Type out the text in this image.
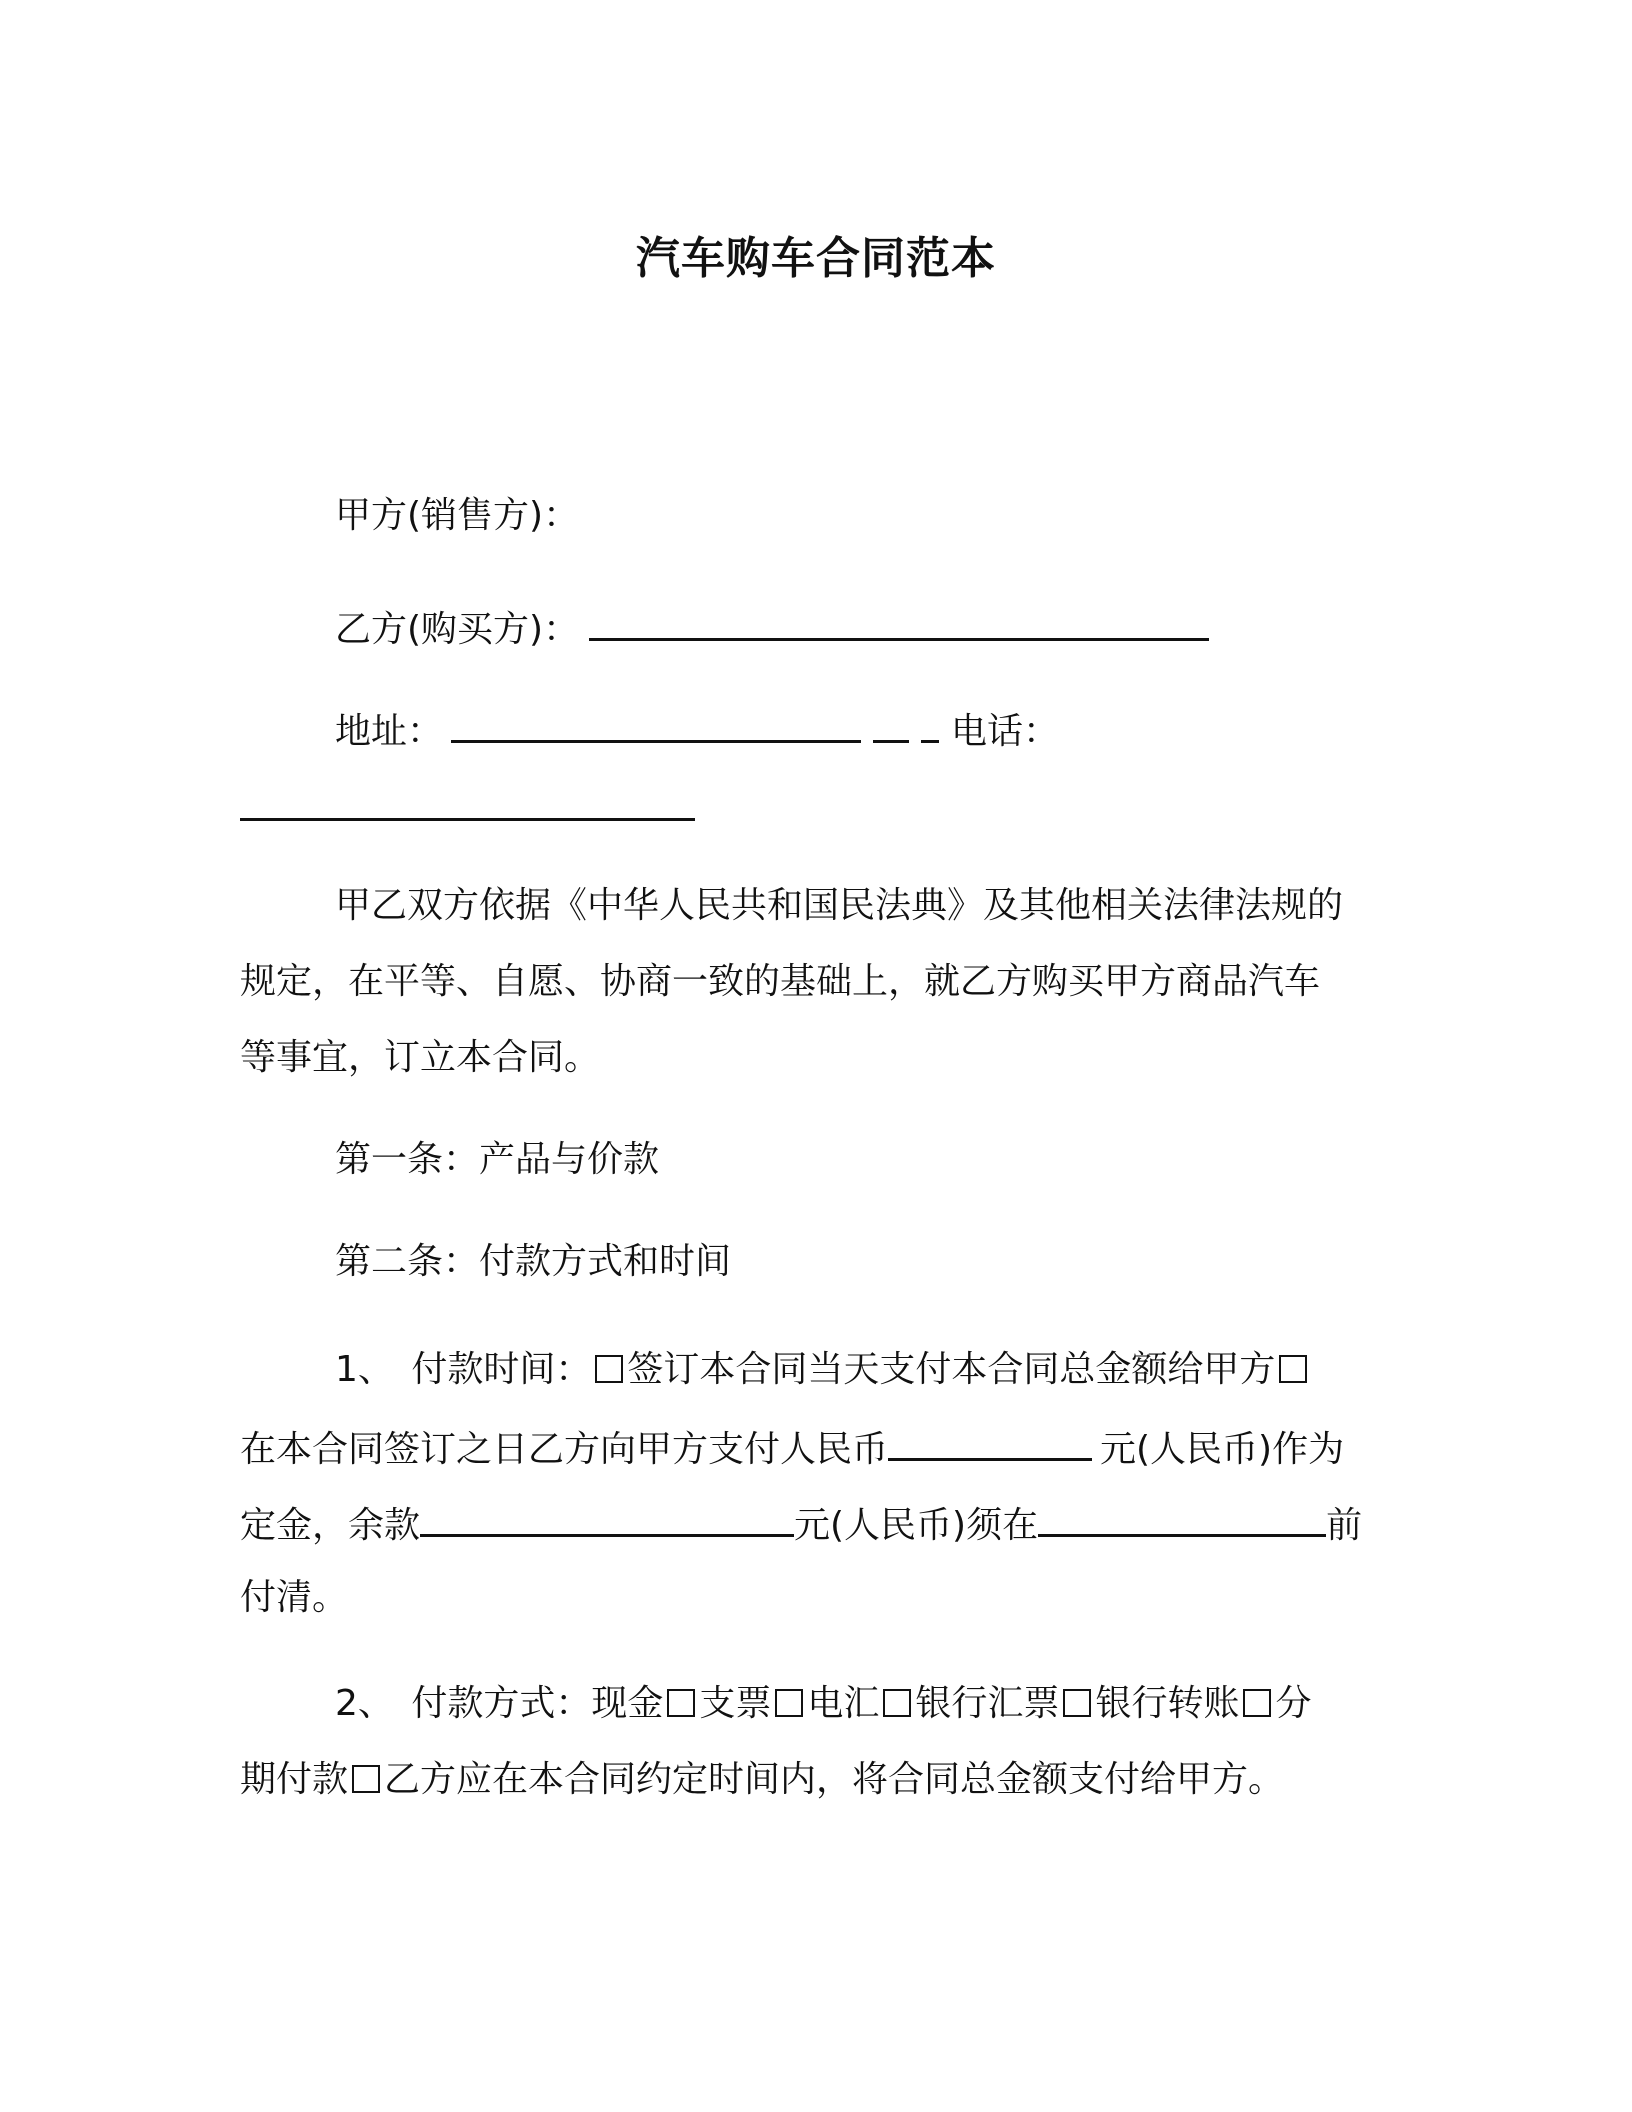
汽车购车合同范本
甲方(销售方)：
乙方(购买方)：
地址：	电话：
甲乙双方依据《中华人民共和国民法典》及其他相关法律法规的
规定，在平等、自愿、协商一致的基础上，就乙方购买甲方商品汽车
等事宜，订立本合同。
第一条：产品与价款
第二条：付款方式和时间
1、 付款时间： 签订本合同当天支付本合同总金额给甲方
在本合同签订之日乙方向甲方支付人民币	元(人民币)作为
定金，余款	元(人民币)须在	前
付清。
2、 付款方式：现金 支票 电汇 银行汇票 银行转账 分
期付款 乙方应在本合同约定时间内，将合同总金额支付给甲方。
